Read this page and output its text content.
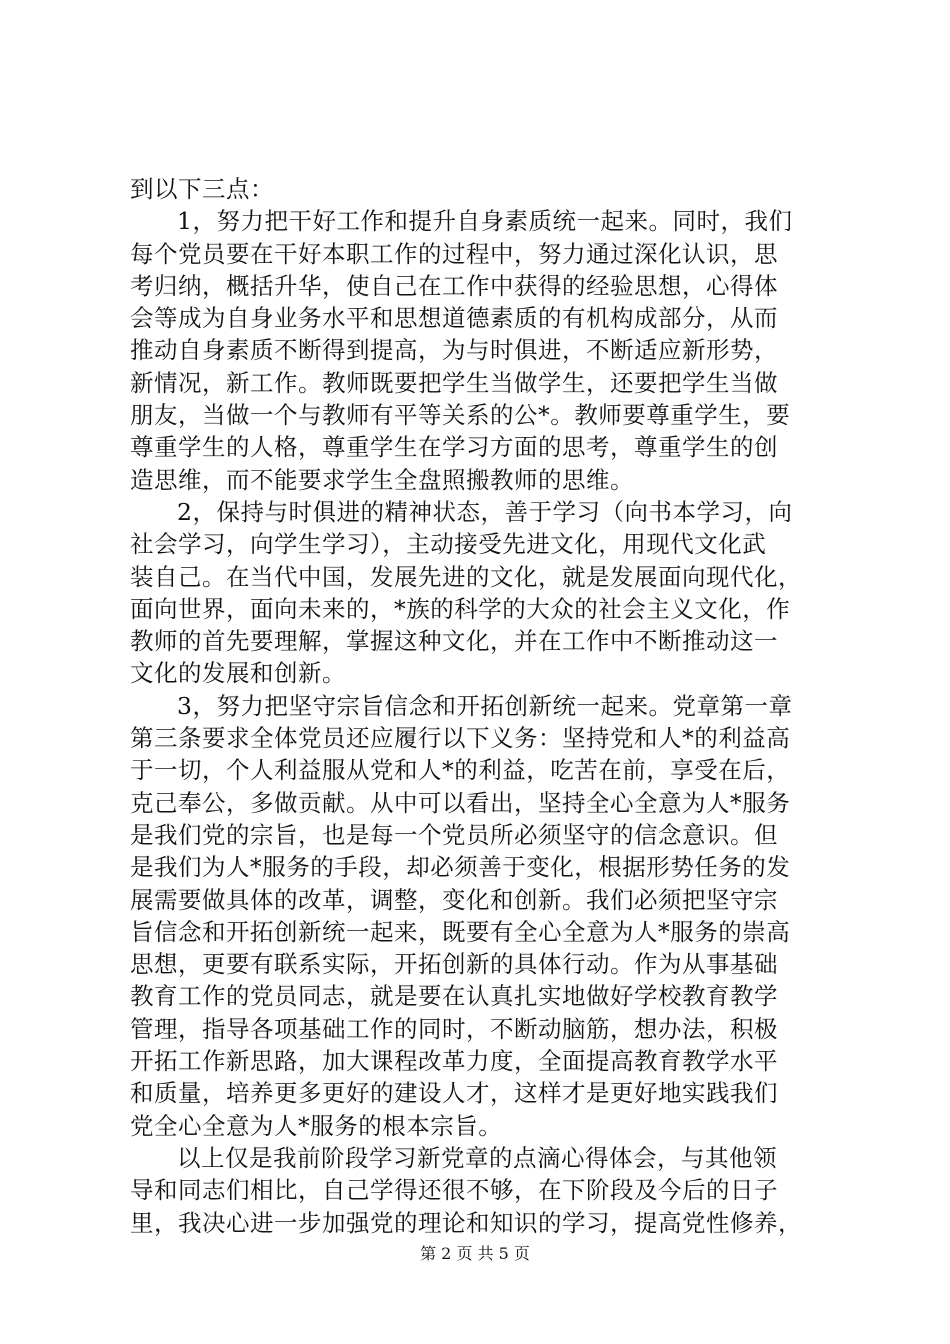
到以下三点：
1，努力把干好工作和提升自身素质统一起来。同时，我们
每个党员要在干好本职工作的过程中，努力通过深化认识，思
考归纳，概括升华，使自己在工作中获得的经验思想，心得体
会等成为自身业务水平和思想道德素质的有机构成部分，从而
推动自身素质不断得到提高，为与时俱进，不断适应新形势，
新情况，新工作。教师既要把学生当做学生，还要把学生当做
朋友，当做一个与教师有平等关系的公*。教师要尊重学生，要
尊重学生的人格，尊重学生在学习方面的思考，尊重学生的创
造思维，而不能要求学生全盘照搬教师的思维。
2，保持与时俱进的精神状态，善于学习（向书本学习，向
社会学习，向学生学习），主动接受先进文化，用现代文化武
装自己。在当代中国，发展先进的文化，就是发展面向现代化，
面向世界，面向未来的，*族的科学的大众的社会主义文化，作
教师的首先要理解，掌握这种文化，并在工作中不断推动这一
文化的发展和创新。
3，努力把坚守宗旨信念和开拓创新统一起来。党章第一章
第三条要求全体党员还应履行以下义务：坚持党和人*的利益高
于一切，个人利益服从党和人*的利益，吃苦在前，享受在后，
克己奉公，多做贡献。从中可以看出，坚持全心全意为人*服务
是我们党的宗旨，也是每一个党员所必须坚守的信念意识。但
是我们为人*服务的手段，却必须善于变化，根据形势任务的发
展需要做具体的改革，调整，变化和创新。我们必须把坚守宗
旨信念和开拓创新统一起来，既要有全心全意为人*服务的崇高
思想，更要有联系实际，开拓创新的具体行动。作为从事基础
教育工作的党员同志，就是要在认真扎实地做好学校教育教学
管理，指导各项基础工作的同时，不断动脑筋，想办法，积极
开拓工作新思路，加大课程改革力度，全面提高教育教学水平
和质量，培养更多更好的建设人才，这样才是更好地实践我们
党全心全意为人*服务的根本宗旨。
以上仅是我前阶段学习新党章的点滴心得体会，与其他领
导和同志们相比，自己学得还很不够，在下阶段及今后的日子
里，我决心进一步加强党的理论和知识的学习，提高党性修养，
第 2 页 共 5 页
